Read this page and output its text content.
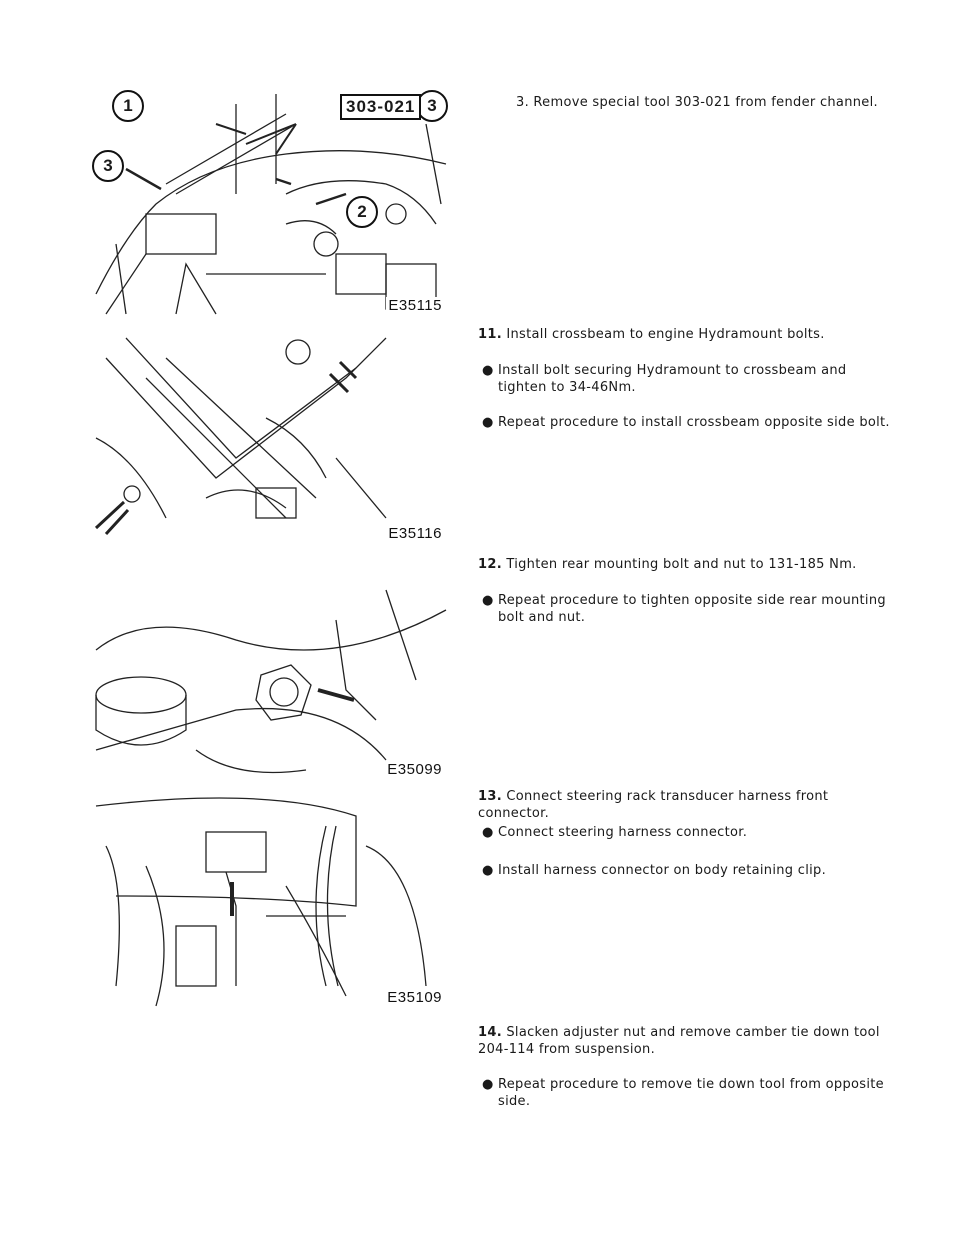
1
2
3
3
303-021
E35115
E35116
E35099
E35109
3. Remove special tool 303-021 from fender channel.
11. Install crossbeam to engine Hydramount bolts.
● Install bolt securing Hydramount to crossbeam and tighten to 34-46Nm.
● Repeat procedure to install crossbeam opposite side bolt.
12. Tighten rear mounting bolt and nut to 131-185 Nm.
● Repeat procedure to tighten opposite side rear mounting bolt and nut.
13. Connect steering rack transducer harness front connector.
● Connect steering harness connector.
● Install harness connector on body retaining clip.
14. Slacken adjuster nut and remove camber tie down tool 204-114 from suspension.
● Repeat procedure to remove tie down tool from opposite side.
